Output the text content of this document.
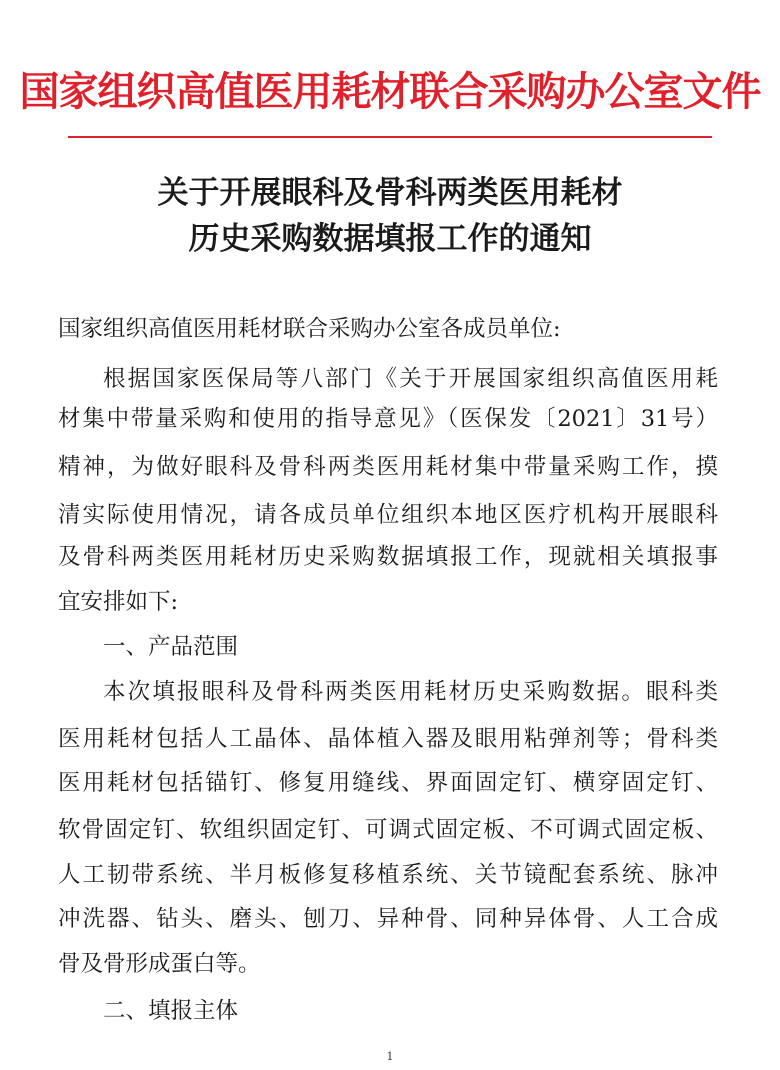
国家组织高值医用耗材联合采购办公室文件
关于开展眼科及骨科两类医用耗材
历史采购数据填报工作的通知
国家组织高值医用耗材联合采购办公室各成员单位:
根据国家医保局等八部门《关于开展国家组织高值医用耗
材集中带量采购和使用的指导意见》（医保发〔2021〕31号）
精神，为做好眼科及骨科两类医用耗材集中带量采购工作，摸
清实际使用情况，请各成员单位组织本地区医疗机构开展眼科
及骨科两类医用耗材历史采购数据填报工作，现就相关填报事
宜安排如下:
一、产品范围
本次填报眼科及骨科两类医用耗材历史采购数据。眼科类
医用耗材包括人工晶体、晶体植入器及眼用粘弹剂等；骨科类
医用耗材包括锚钉、修复用缝线、界面固定钉、横穿固定钉、
软骨固定钉、软组织固定钉、可调式固定板、不可调式固定板、
人工韧带系统、半月板修复移植系统、关节镜配套系统、脉冲
冲洗器、钻头、磨头、刨刀、异种骨、同种异体骨、人工合成
骨及骨形成蛋白等。
二、填报主体
1
